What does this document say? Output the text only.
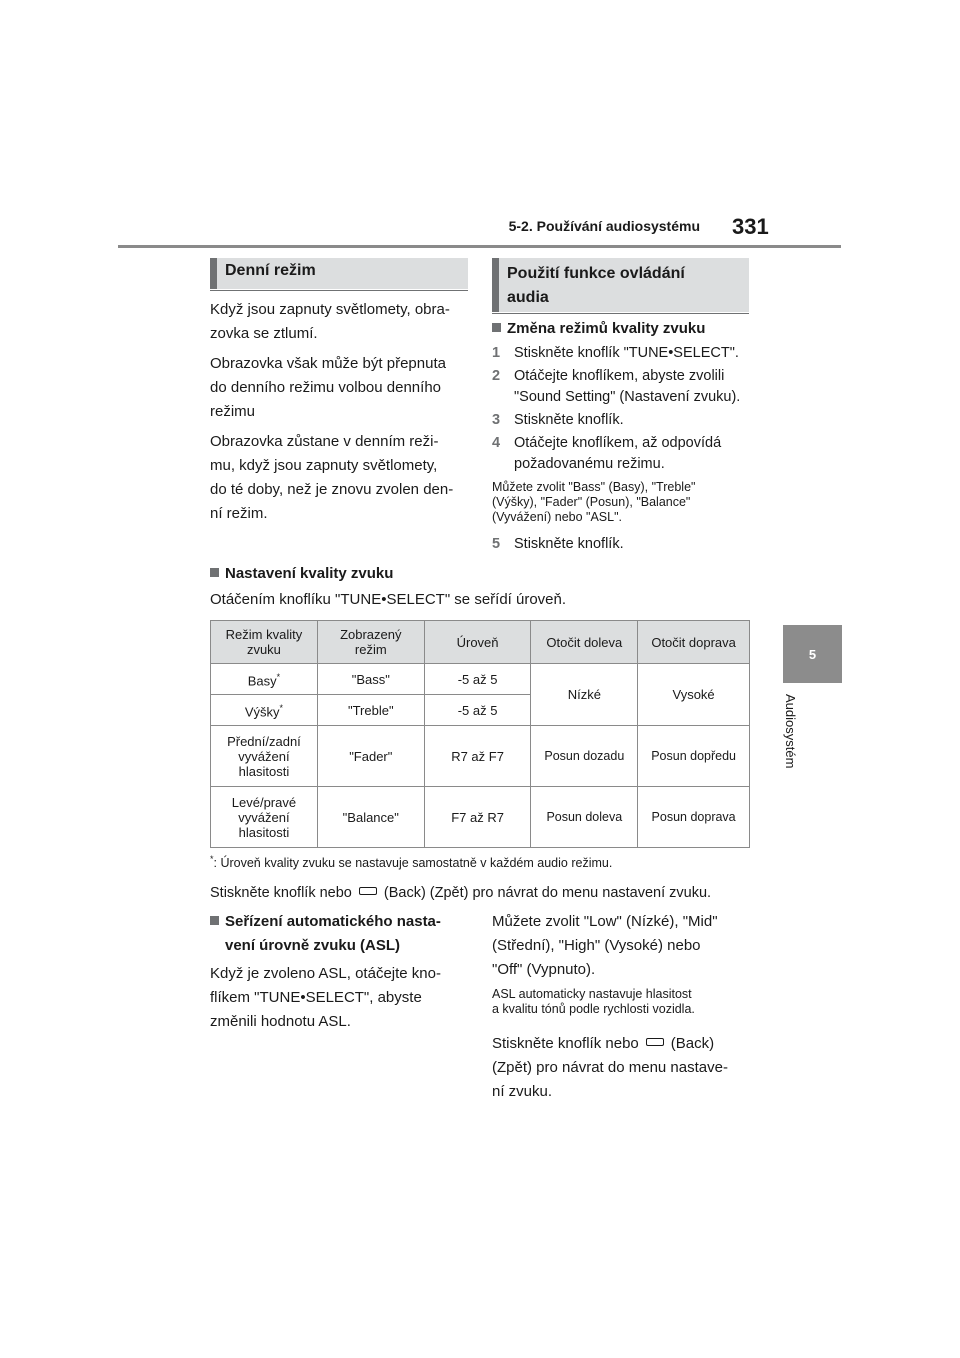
5-2. Používání audiosystému 331
5
Audiosystém
Denní režim
Když jsou zapnuty světlomety, obra-
zovka se ztlumí.
Obrazovka však může být přepnuta
do denního režimu volbou denního
režimu
Obrazovka zůstane v denním reži-
mu, když jsou zapnuty světlomety,
do té doby, než je znovu zvolen den-
ní režim.
Použití funkce ovládání
audia
Změna režimů kvality zvuku
1 Stiskněte knoflík "TUNE•SELECT".
2 Otáčejte knoflíkem, abyste zvolili
"Sound Setting" (Nastavení zvuku).
3 Stiskněte knoflík.
4 Otáčejte knoflíkem, až odpovídá
požadovanému režimu.
Můžete zvolit "Bass" (Basy), "Treble"
(Výšky), "Fader" (Posun), "Balance"
(Vyvážení) nebo "ASL".
5 Stiskněte knoflík.
Nastavení kvality zvuku
Otáčením knoflíku "TUNE•SELECT" se seřídí úroveň.
Režim kvality
zvuku	Zobrazený
režim	Úroveň	Otočit doleva	Otočit doprava
Basy*	"Bass"	-5 až 5	Nízké	Vysoké
Výšky*	"Treble"	-5 až 5		
Přední/zadní
vyvážení
hlasitosti	"Fader"	R7 až F7	Posun dozadu	Posun dopředu
Levé/pravé
vyvážení
hlasitosti	"Balance"	F7 až R7	Posun doleva	Posun doprava
*: Úroveň kvality zvuku se nastavuje samostatně v každém audio režimu.
Stiskněte knoflík nebo (Back) (Zpět) pro návrat do menu nastavení zvuku.
Seřízení automatického nasta-
vení úrovně zvuku (ASL)
Když je zvoleno ASL, otáčejte kno-
flíkem "TUNE•SELECT", abyste
změnili hodnotu ASL.
Můžete zvolit "Low" (Nízké), "Mid"
(Střední), "High" (Vysoké) nebo
"Off" (Vypnuto).
ASL automaticky nastavuje hlasitost
a kvalitu tónů podle rychlosti vozidla.
Stiskněte knoflík nebo (Back)
(Zpět) pro návrat do menu nastave-
ní zvuku.
